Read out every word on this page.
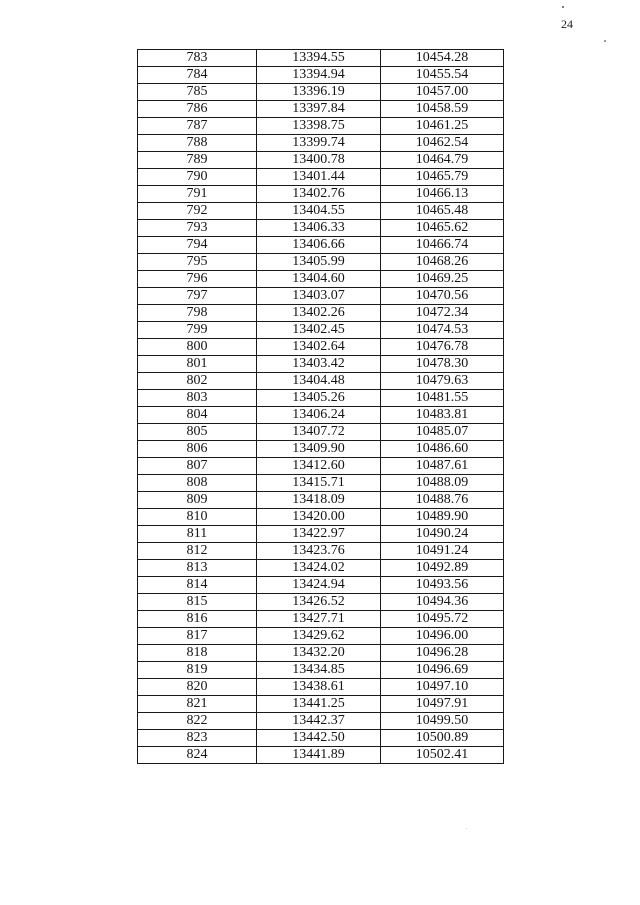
24
783	13394.55	10454.28
784	13394.94	10455.54
785	13396.19	10457.00
786	13397.84	10458.59
787	13398.75	10461.25
788	13399.74	10462.54
789	13400.78	10464.79
790	13401.44	10465.79
791	13402.76	10466.13
792	13404.55	10465.48
793	13406.33	10465.62
794	13406.66	10466.74
795	13405.99	10468.26
796	13404.60	10469.25
797	13403.07	10470.56
798	13402.26	10472.34
799	13402.45	10474.53
800	13402.64	10476.78
801	13403.42	10478.30
802	13404.48	10479.63
803	13405.26	10481.55
804	13406.24	10483.81
805	13407.72	10485.07
806	13409.90	10486.60
807	13412.60	10487.61
808	13415.71	10488.09
809	13418.09	10488.76
810	13420.00	10489.90
811	13422.97	10490.24
812	13423.76	10491.24
813	13424.02	10492.89
814	13424.94	10493.56
815	13426.52	10494.36
816	13427.71	10495.72
817	13429.62	10496.00
818	13432.20	10496.28
819	13434.85	10496.69
820	13438.61	10497.10
821	13441.25	10497.91
822	13442.37	10499.50
823	13442.50	10500.89
824	13441.89	10502.41
